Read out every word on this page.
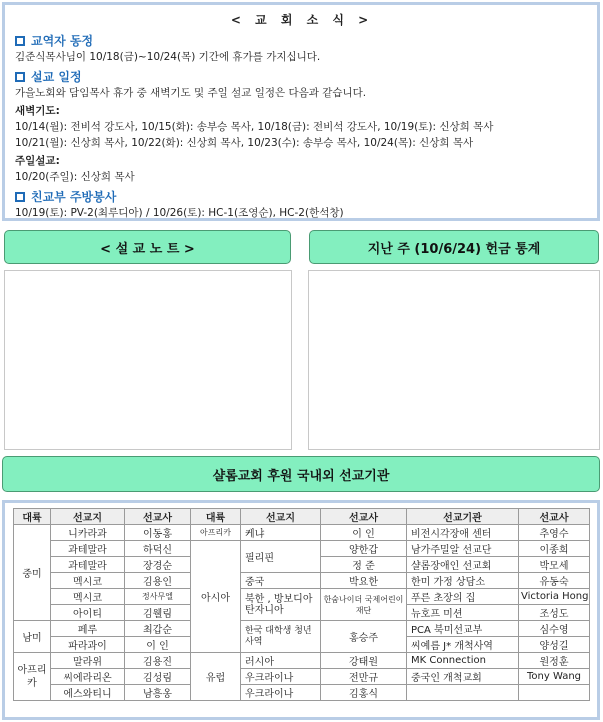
< 교 회 소 식 >
교역자 동정
김준식목사님이 10/18(금)~10/24(목) 기간에 휴가를 가지십니다.
설교 일정
가을노회와 담임목사 휴가 중 새벽기도 및 주일 설교 일정은 다음과 같습니다.
새벽기도:
10/14(월): 전비석 강도사, 10/15(화): 송부승 목사, 10/18(금): 전비석 강도사, 10/19(토): 신상희 목사
10/21(월): 신상희 목사, 10/22(화): 신상희 목사, 10/23(수): 송부승 목사, 10/24(목): 신상희 목사
주일설교:
10/20(주일): 신상희 목사
친교부 주방봉사
10/19(토): PV-2(최루디아) / 10/26(토): HC-1(조영순), HC-2(한석창)
< 설 교 노 트 >	지난 주 (10/6/24) 헌금 통계
샬롬교회 후원 국내외 선교기관
대륙	선교지	선교사	대륙	선교지	선교사	선교기관	선교사
중미	니카라과	이동홍	아프리카	케냐	이 인	비전시각장애 센터	추영수
	과테말라	하덕신	아시아	필리핀	양한갑	남가주밀알 선교단	이종희
	과테말라	장경순			정 준	샬롬장애인 선교회	박모세
	멕시코	김용인		중국	박요한	한미 가정 상담소	유동숙
	멕시코	정사무엘		북한 , 방보디아 탄자니아	한숨나이더 국제어린이 재단	푸른 초장의 집	Victoria Hong
	아이티	김웰림				뉴호프 미션	조성도
남미	페루	최갑순		한국 대학생 청년 사역	홍승주	PCA 북미선교부	심수영
	파라과이	이 인				씨예름 J* 개척사역	양성길
아프리카	말라위	김용진	유럽	러시아	강태원	MK Connection	원정훈
	씨에라리온	김성림		우크라이나	전만규	중국인 개척교회	Tony Wang
	에스와티니	남흥옹		우크라이나	김홍식		
